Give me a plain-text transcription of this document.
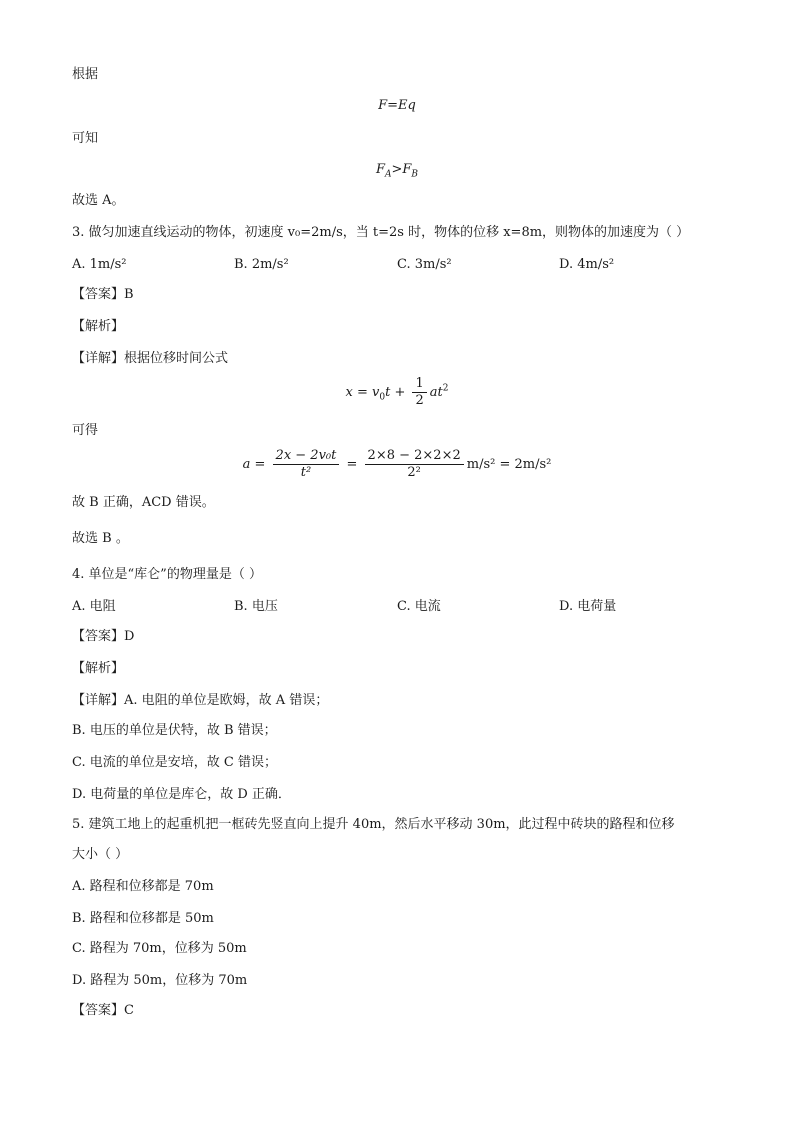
根据
F=Eq
可知
$F_A>F_B$
故选 A。
3. 做匀加速直线运动的物体，初速度 v₀=2m/s，当 t=2s 时，物体的位移 x=8m，则物体的加速度为（ ）
A. 1m/s²	B. 2m/s²	C. 3m/s²	D. 4m/s²
【答案】B
【解析】
【详解】根据位移时间公式
$x = v_0t + \frac{1}{2} at^2$
可得
$a = \frac{\text{2x − 2v₀t}}{\text{t²}} = \frac{2\times 8 - 2\times 2\times 2}{\text{2²}} m/s^2 = 2m/s^2$
故 B 正确，ACD 错误。
故选 B 。
4. 单位是“库仑”的物理量是（ ）
A. 电阻	B. 电压	C. 电流	D. 电荷量
【答案】D
【解析】
【详解】A. 电阻的单位是欧姆，故 A 错误；
B. 电压的单位是伏特，故 B 错误；
C. 电流的单位是安培，故 C 错误；
D. 电荷量的单位是库仑，故 D 正确．
5. 建筑工地上的起重机把一框砖先竖直向上提升 40m，然后水平移动 30m，此过程中砖块的路程和位移
大小（ ）
A. 路程和位移都是 70m
B. 路程和位移都是 50m
C. 路程为 70m，位移为 50m
D. 路程为 50m，位移为 70m
【答案】C
